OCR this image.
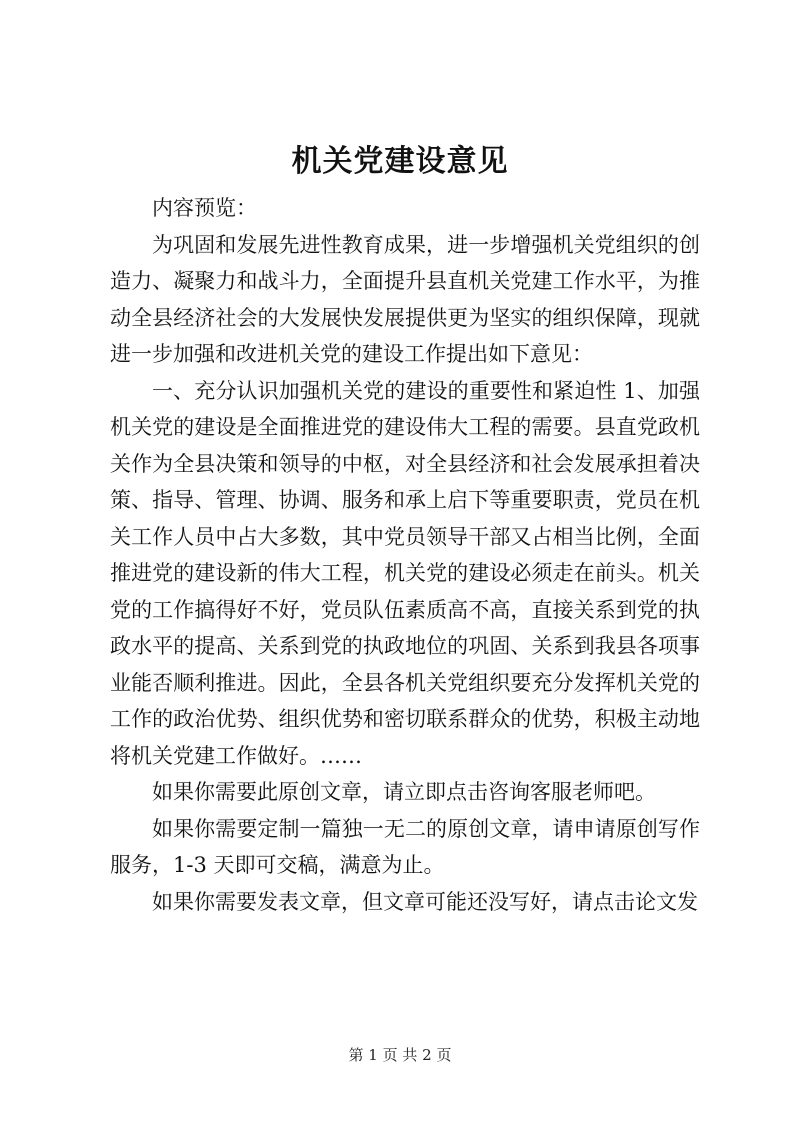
机关党建设意见

内容预览：

为巩固和发展先进性教育成果，进一步增强机关党组织的创造力、凝聚力和战斗力，全面提升县直机关党建工作水平，为推动全县经济社会的大发展快发展提供更为坚实的组织保障，现就进一步加强和改进机关党的建设工作提出如下意见：

一、充分认识加强机关党的建设的重要性和紧迫性 1、加强机关党的建设是全面推进党的建设伟大工程的需要。县直党政机关作为全县决策和领导的中枢，对全县经济和社会发展承担着决策、指导、管理、协调、服务和承上启下等重要职责，党员在机关工作人员中占大多数，其中党员领导干部又占相当比例，全面推进党的建设新的伟大工程，机关党的建设必须走在前头。机关党的工作搞得好不好，党员队伍素质高不高，直接关系到党的执政水平的提高、关系到党的执政地位的巩固、关系到我县各项事业能否顺利推进。因此，全县各机关党组织要充分发挥机关党的工作的政治优势、组织优势和密切联系群众的优势，积极主动地将机关党建工作做好。……

如果你需要此原创文章，请立即点击咨询客服老师吧。

如果你需要定制一篇独一无二的原创文章，请申请原创写作服务，1-3 天即可交稿，满意为止。

如果你需要发表文章，但文章可能还没写好，请点击论文发

第 1 页 共 2 页
